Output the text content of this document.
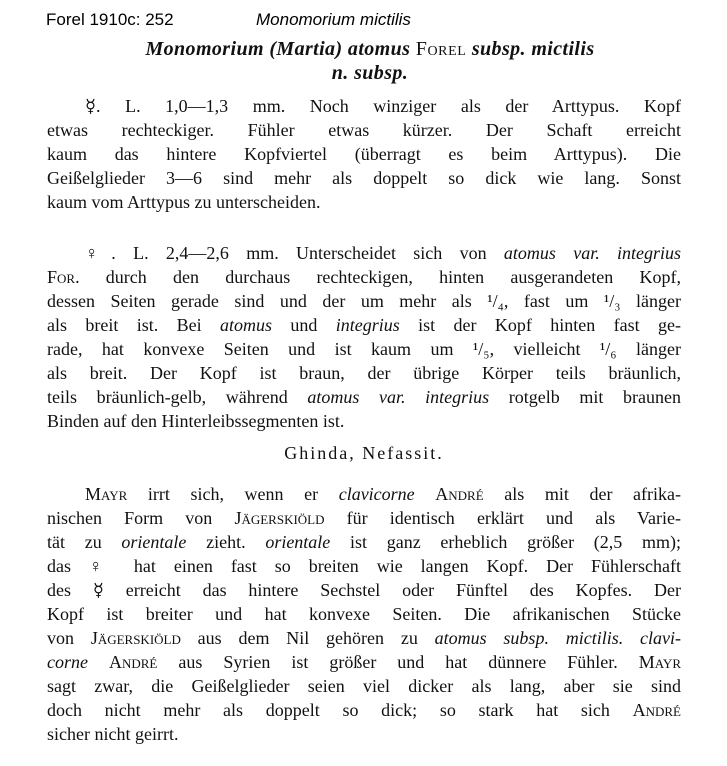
Forel 1910c: 252	Monomorium mictilis
Monomorium (Martia) atomus Forel subsp. mictilis
n. subsp.
☿. L. 1,0—1,3 mm. Noch winziger als der Arttypus. Kopf
etwas rechteckiger. Fühler etwas kürzer. Der Schaft erreicht
kaum das hintere Kopfviertel (überragt es beim Arttypus). Die
Geißelglieder 3—6 sind mehr als doppelt so dick wie lang. Sonst
kaum vom Arttypus zu unterscheiden.
♀. L. 2,4—2,6 mm. Unterscheidet sich von atomus var. integrius
For. durch den durchaus rechteckigen, hinten ausgerandeten Kopf,
dessen Seiten gerade sind und der um mehr als ¹/₄, fast um ¹/₃ länger
als breit ist. Bei atomus und integrius ist der Kopf hinten fast ge-
rade, hat konvexe Seiten und ist kaum um ¹/₅, vielleicht ¹/₆ länger
als breit. Der Kopf ist braun, der übrige Körper teils bräunlich,
teils bräunlich-gelb, während atomus var. integrius rotgelb mit braunen
Binden auf den Hinterleibssegmenten ist.
Ghinda, Nefassit.
Mayr irrt sich, wenn er clavicorne André als mit der afrika-
nischen Form von Jägerskiöld für identisch erklärt und als Varie-
tät zu orientale zieht. orientale ist ganz erheblich größer (2,5 mm);
das ♀ hat einen fast so breiten wie langen Kopf. Der Fühlerschaft
des ☿ erreicht das hintere Sechstel oder Fünftel des Kopfes. Der
Kopf ist breiter und hat konvexe Seiten. Die afrikanischen Stücke
von Jägerskiöld aus dem Nil gehören zu atomus subsp. mictilis. clavi-
corne André aus Syrien ist größer und hat dünnere Fühler. Mayr
sagt zwar, die Geißelglieder seien viel dicker als lang, aber sie sind
doch nicht mehr als doppelt so dick; so stark hat sich André
sicher nicht geirrt.
